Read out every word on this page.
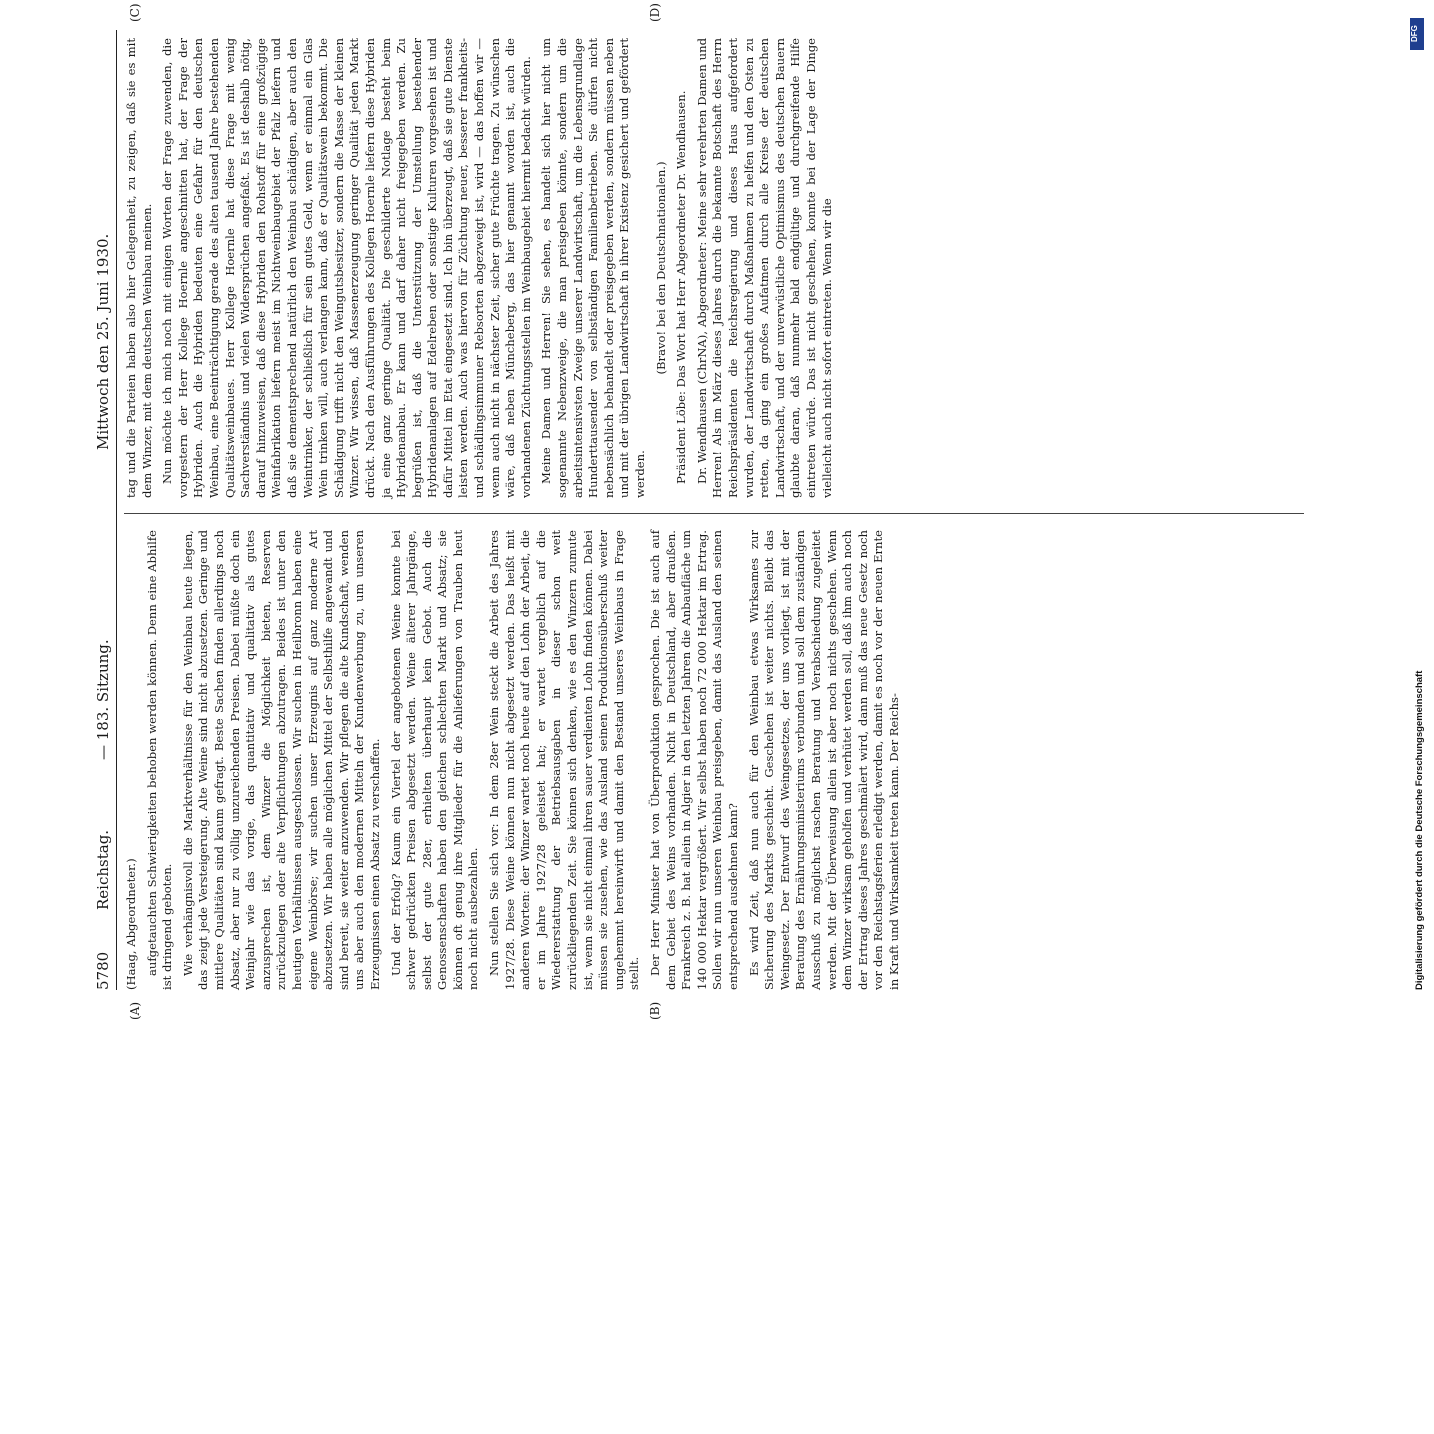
5780
Reichstag.
— 183. Sitzung.
Mittwoch den 25. Juni 1930.
(A)	(B)
(C)	(D)

(Haag, Abgeordneter.) aufgetauchten Schwierigkeiten behoben werden können. Denn eine Abhilfe ist dringend geboten. Wie verhängnisvoll die Marktverhältnisse für den Weinbau heute liegen, das zeigt jede Versteigerung. Alte Weine sind nicht abzusetzen. Geringe und mittlere Qualitäten sind kaum gefragt. Beste Sachen finden allerdings noch Absatz, aber nur zu völlig unzureichenden Preisen. Dabei müßte doch ein Weinjahr wie das vorige, das quantitativ und qualitativ als gutes anzusprechen ist, dem Winzer die Möglichkeit bieten, Reserven zurückzulegen oder alte Verpflichtungen abzutragen. Beides ist unter den heutigen Verhältnissen ausgeschlossen. Wir suchen in Heilbronn haben eine eigene Weinbörse; wir suchen unser Erzeugnis auf ganz moderne Art abzusetzen. Wir haben alle möglichen Mittel der Selbsthilfe angewandt und sind bereit, sie weiter anzuwenden. Wir pflegen die alte Kundschaft, wenden uns aber auch den modernen Mitteln der Kundenwerbung zu, um unseren Erzeugnissen einen Absatz zu verschaffen. Und der Erfolg? Kaum ein Viertel der angebotenen Weine konnte bei schwer gedrückten Preisen abgesetzt werden. Weine älterer Jahrgänge, selbst der gute 28er, erhielten überhaupt kein Gebot. Auch die Genossenschaften haben den gleichen schlechten Markt und Absatz; sie können oft genug ihre Mitglieder für die Anlieferungen von Trauben heut noch nicht ausbezahlen. Nun stellen Sie sich vor: In dem 28er Wein steckt die Arbeit des Jahres 1927/28. Diese Weine können nun nicht abgesetzt werden. Das heißt mit anderen Worten: der Winzer wartet noch heute auf den Lohn der Arbeit, die er im Jahre 1927/28 geleistet hat; er wartet vergeblich auf die Wiedererstattung der Betriebsausgaben in dieser schon weit zurückliegenden Zeit. Sie können sich denken, wie es den Winzern zumute ist, wenn sie nicht einmal ihren sauer verdienten Lohn finden können. Dabei müssen sie zusehen, wie das Ausland seinen Produktionsüberschuß weiter ungehemmt hereinwirft und damit den Bestand unseres Weinbaus in Frage stellt. Der Herr Minister hat von Überproduktion gesprochen. Die ist auch auf dem Gebiet des Weins vorhanden. Nicht in Deutschland, aber draußen. Frankreich z. B. hat allein in Algier in den letzten Jahren die Anbaufläche um 140 000 Hektar vergrößert. Wir selbst haben noch 72 000 Hektar im Ertrag. Sollen wir nun unseren Weinbau preisgeben, damit das Ausland den seinen entsprechend ausdehnen kann? Es wird Zeit, daß nun auch für den Weinbau etwas Wirksames zur Sicherung des Markts geschieht. Geschehen ist weiter nichts. Bleibt das Weingesetz. Der Entwurf des Weingesetzes, der uns vorliegt, ist mit der Beratung des Ernährungsministeriums verbunden und soll dem zuständigen Ausschuß zu möglichst raschen Beratung und Verabschiedung zugeleitet werden. Mit der Überweisung allein ist aber noch nichts geschehen. Wenn dem Winzer wirksam geholfen und verhütet werden soll, daß ihm auch noch der Ertrag dieses Jahres geschmälert wird, dann muß das neue Gesetz noch vor den Reichstagsferien erledigt werden, damit es noch vor der neuen Ernte in Kraft und Wirksamkeit treten kann. Der Reichs-

tag und die Parteien haben also hier Gelegenheit, zu zeigen, daß sie es mit dem Winzer, mit dem deutschen Weinbau meinen. Nun möchte ich mich noch mit einigen Worten der Frage zuwenden, die vorgestern der Herr Kollege Hoernle angeschnitten hat, der Frage der Hybriden. Auch die Hybriden bedeuten eine Gefahr für den deutschen Weinbau, eine Beeinträchtigung gerade des alten tausend Jahre bestehenden Qualitätsweinbaues. Herr Kollege Hoernle hat diese Frage mit wenig Sachverständnis und vielen Widersprüchen angefaßt. Es ist deshalb nötig, darauf hinzuweisen, daß diese Hybriden den Rohstoff für eine großzügige Weinfabrikation liefern meist im Nichtweinbaugebiet der Pfalz liefern und daß sie dementsprechend natürlich den Weinbau schädigen, aber auch den Weintrinker, der schließlich für sein gutes Geld, wenn er einmal ein Glas Wein trinken will, auch verlangen kann, daß er Qualitätswein bekommt. Die Schädigung trifft nicht den Weingutsbesitzer, sondern die Masse der kleinen Winzer. Wir wissen, daß Massenerzeugung geringer Qualität jeden Markt drückt. Nach den Ausführungen des Kollegen Hoernle liefern diese Hybriden ja eine ganz geringe Qualität. Die geschilderte Notlage besteht beim Hybridenanbau. Er kann und darf daher nicht freigegeben werden. Zu begrüßen ist, daß die Unterstützung der Umstellung bestehender Hybridenanlagen auf Edelreben oder sonstige Kulturen vorgesehen ist und dafür Mittel im Etat eingesetzt sind. Ich bin überzeugt, daß sie gute Dienste leisten werden. Auch was hiervon für Züchtung neuer, besserer frankheits- und schädlingsimmuner Rebsorten abgezweigt ist, wird — das hoffen wir — wenn auch nicht in nächster Zeit, sicher gute Früchte tragen. Zu wünschen wäre, daß neben Müncheberg, das hier genannt worden ist, auch die vorhandenen Züchtungsstellen im Weinbaugebiet hiermit bedacht würden. Meine Damen und Herren! Sie sehen, es handelt sich hier nicht um sogenannte Nebenzweige, die man preisgeben könnte, sondern um die arbeitsintensivsten Zweige unserer Landwirtschaft, um die Lebensgrundlage Hunderttausender von selbständigen Familienbetrieben. Sie dürfen nicht nebensächlich behandelt oder preisgegeben werden, sondern müssen neben und mit der übrigen Landwirtschaft in ihrer Existenz gesichert und gefördert werden.

(Bravo! bei den Deutschnationalen.) Präsident Löbe: Das Wort hat Herr Abgeordneter Dr. Wendhausen. Dr. Wendhausen (ChrNA), Abgeordneter: Meine sehr verehrten Damen und Herren! Als im März dieses Jahres durch die bekannte Botschaft des Herrn Reichspräsidenten die Reichsregierung und dieses Haus aufgefordert wurden, der Landwirtschaft durch Maßnahmen zu helfen und den Osten zu retten, da ging ein großes Aufatmen durch alle Kreise der deutschen Landwirtschaft, und der unverwüstliche Optimismus des deutschen Bauern glaubte daran, daß nunmehr bald endgültige und durchgreifende Hilfe eintreten würde. Das ist nicht geschehen, konnte bei der Lage der Dinge vielleicht auch nicht sofort eintreten. Wenn wir die

DFG
Digitalisierung gefördert durch die Deutsche Forschungsgemeinschaft
